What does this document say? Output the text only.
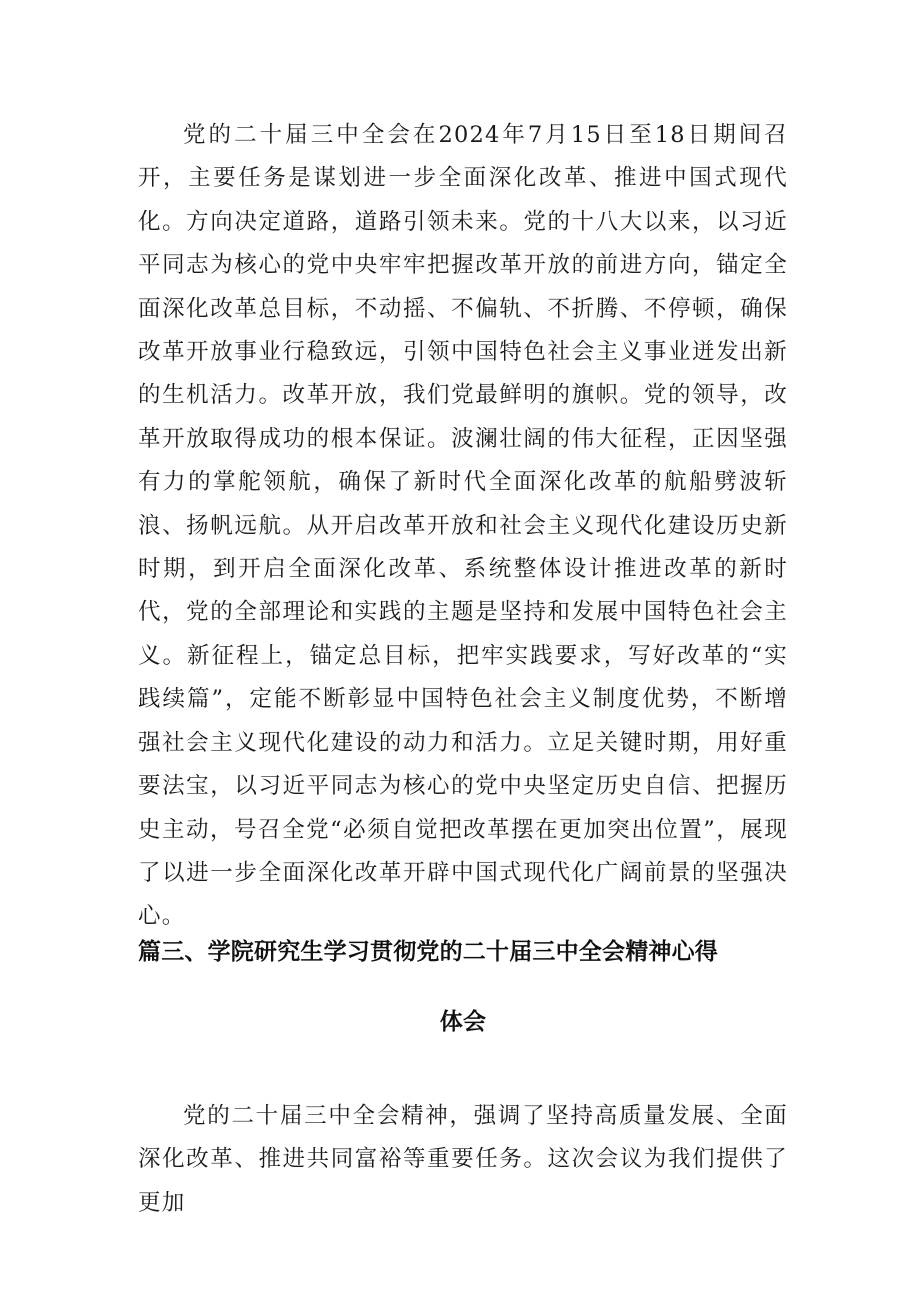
党的二十届三中全会在2024年7月15日至18日期间召开，主要任务是谋划进一步全面深化改革、推进中国式现代化。方向决定道路，道路引领未来。党的十八大以来，以习近平同志为核心的党中央牢牢把握改革开放的前进方向，锚定全面深化改革总目标，不动摇、不偏轨、不折腾、不停顿，确保改革开放事业行稳致远，引领中国特色社会主义事业迸发出新的生机活力。改革开放，我们党最鲜明的旗帜。党的领导，改革开放取得成功的根本保证。波澜壮阔的伟大征程，正因坚强有力的掌舵领航，确保了新时代全面深化改革的航船劈波斩浪、扬帆远航。从开启改革开放和社会主义现代化建设历史新时期，到开启全面深化改革、系统整体设计推进改革的新时代，党的全部理论和实践的主题是坚持和发展中国特色社会主义。新征程上，锚定总目标，把牢实践要求，写好改革的“实践续篇”，定能不断彰显中国特色社会主义制度优势，不断增强社会主义现代化建设的动力和活力。立足关键时期，用好重要法宝，以习近平同志为核心的党中央坚定历史自信、把握历史主动，号召全党“必须自觉把改革摆在更加突出位置”，展现了以进一步全面深化改革开辟中国式现代化广阔前景的坚强决心。

篇三、学院研究生学习贯彻党的二十届三中全会精神心得
体会

党的二十届三中全会精神，强调了坚持高质量发展、全面深化改革、推进共同富裕等重要任务。这次会议为我们提供了更加
